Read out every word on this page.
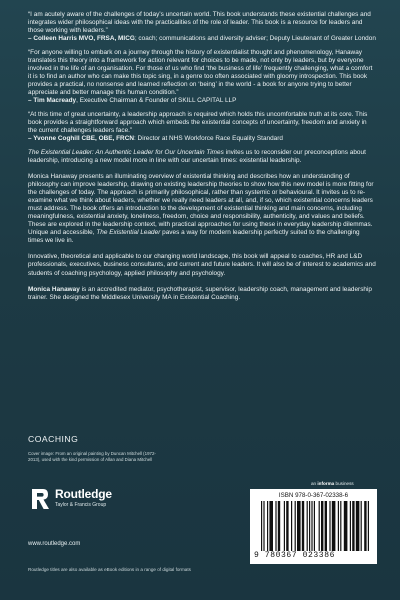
“I am acutely aware of the challenges of today’s uncertain world. This book understands these existential challenges and integrates wider philosophical ideas with the practicalities of the role of leader. This book is a resource for leaders and those working with leaders.”

– Colleen Harris MVO, FRSA, MICG; coach; communications and diversity adviser; Deputy Lieutenant of Greater London

“For anyone willing to embark on a journey through the history of existentialist thought and phenomenology, Hanaway translates this theory into a framework for action relevant for choices to be made, not only by leaders, but by everyone involved in the life of an organisation. For those of us who find ‘the business of life’ frequently challenging, what a comfort it is to find an author who can make this topic sing, in a genre too often associated with gloomy introspection. This book provides a practical, no nonsense and learned reflection on ‘being’ in the world - a book for anyone trying to better appreciate and better manage this human condition.”

– Tim Macready, Executive Chairman & Founder of SKILL CAPITAL LLP

“At this time of great uncertainty, a leadership approach is required which holds this uncomfortable truth at its core. This book provides a straightforward approach which embeds the existential concepts of uncertainty, freedom and anxiety in the current challenges leaders face.”

– Yvonne Coghill CBE, OBE, FRCN: Director at NHS Workforce Race Equality Standard

The Existential Leader: An Authentic Leader for Our Uncertain Times invites us to reconsider our preconceptions about leadership, introducing a new model more in line with our uncertain times: existential leadership.

Monica Hanaway presents an illuminating overview of existential thinking and describes how an understanding of philosophy can improve leadership, drawing on existing leadership theories to show how this new model is more fitting for the challenges of today. The approach is primarily philosophical, rather than systemic or behavioural. It invites us to re-examine what we think about leaders, whether we really need leaders at all, and, if so, which existential concerns leaders must address. The book offers an introduction to the development of existential thinking and main concerns, including meaningfulness, existential anxiety, loneliness, freedom, choice and responsibility, authenticity, and values and beliefs. These are explored in the leadership context, with practical approaches for using these in everyday leadership dilemmas. Unique and accessible, The Existential Leader paves a way for modern leadership perfectly suited to the challenging times we live in.

Innovative, theoretical and applicable to our changing world landscape, this book will appeal to coaches, HR and L&D professionals, executives, business consultants, and current and future leaders. It will also be of interest to academics and students of coaching psychology, applied philosophy and psychology.

Monica Hanaway is an accredited mediator, psychotherapist, supervisor, leadership coach, management and leadership trainer. She designed the Middlesex University MA in Existential Coaching.

COACHING
Cover image: From an original painting by Duncan Mitchell (1972-2013), used with the kind permission of Allan and Diana Mitchell
Routledge
Taylor & Francis Group
www.routledge.com
Routledge titles are also available as eBook editions in a range of digital formats
an informa business
ISBN 978-0-367-02338-6
9 780367 023386
